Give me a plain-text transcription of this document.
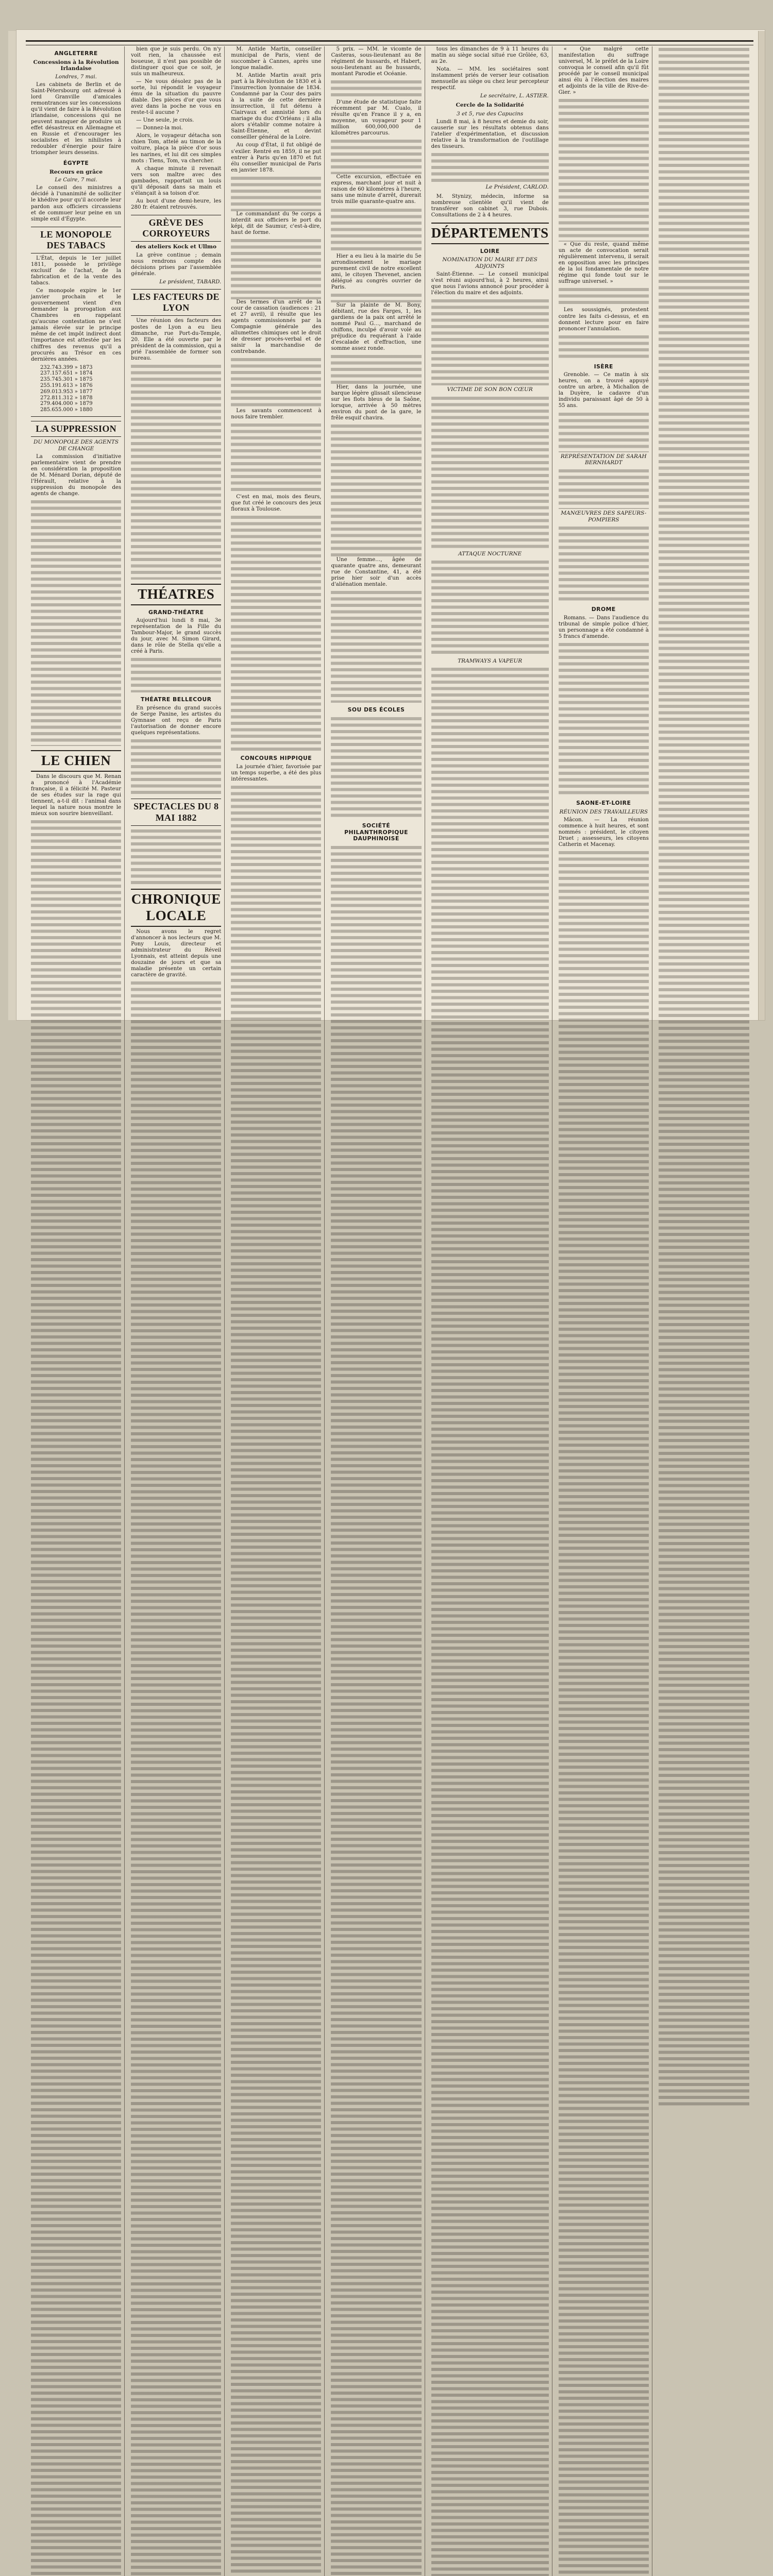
ANGLETERRE
Concessions à la Révolution Irlandaise
Londres, 7 mai.

Les cabinets de Berlin et de Saint-Pétersbourg ont adressé à lord Granville d'amicales remontrances sur les concessions qu'il vient de faire à la Révolution irlandaise, concessions qui ne peuvent manquer de produire un effet désastreux en Allemagne et en Russie et d'encourager les socialistes et les nihilistes à redoubler d'énergie pour faire triompher leurs desseins.

ÉGYPTE
Recours en grâce
Le Caire, 7 mai.

Le conseil des ministres a décidé à l'unanimité de solliciter le khédive pour qu'il accorde leur pardon aux officiers circassiens et de commuer leur peine en un simple exil d'Égypte.

LE MONOPOLE DES TABACS

L'État, depuis le 1er juillet 1811, possède le privilège exclusif de l'achat, de la fabrication et de la vente des tabacs.

Ce monopole expire le 1er janvier prochain et le gouvernement vient d'en demander la prorogation aux Chambres en rappelant qu'aucune contestation ne s'est jamais élevée sur le principe même de cet impôt indirect dont l'importance est attestée par les chiffres des revenus qu'il a procurés au Trésor en ces dernières années.

232.743.399 » 1873
237.157.651 » 1874
235.745.301 » 1875
255.191.613 » 1876
269.013.953 » 1877
272.811.312 » 1878
279.404.000 » 1879
285.655.000 » 1880
LA SUPPRESSION
DU MONOPOLE DES AGENTS DE CHANGE

La commission d'initiative parlementaire vient de prendre en considération la proposition de M. Ménard Dorian, député de l'Hérault, relative à la suppression du monopole des agents de change.

LE CHIEN

Dans le discours que M. Renan a prononcé à l'Académie française, il a félicité M. Pasteur de ses études sur la rage qui tiennent, a-t-il dit : l'animal dans lequel la nature nous montre le mieux son sourire bienveillant.

bien que je suis perdu. On n'y voit rien, la chaussée est boueuse, il n'est pas possible de distinguer quoi que ce soit, je suis un malheureux.

— Ne vous désolez pas de la sorte, lui répondit le voyageur ému de la situation du pauvre diable. Des pièces d'or que vous avez dans la poche ne vous en reste-t-il aucune ?

— Une seule, je crois.

— Donnez-la moi.

Alors, le voyageur détacha son chien Tom, attelé au timon de la voiture, plaça la pièce d'or sous les narines, et lui dit ces simples mots : Tiens, Tom, va chercher.

A chaque minute il revenait vers son maître avec des gambades, rapportait un louis qu'il déposait dans sa main et s'élançait à sa toison d'or.

Au bout d'une demi-heure, les 280 fr. étaient retrouvés.

GRÈVE DES CORROYEURS
des ateliers Kock et Ullmo

La grève continue ; demain nous rendrons compte des décisions prises par l'assemblée générale.

Le président, TABARD.
LES FACTEURS DE LYON

Une réunion des facteurs des postes de Lyon a eu lieu dimanche, rue Port-du-Temple, 20. Elle a été ouverte par le président de la commission, qui a prié l'assemblée de former son bureau.

THÉATRES
GRAND-THÉATRE

Aujourd'hui lundi 8 mai, 3e représentation de la Fille du Tambour-Major, le grand succès du jour, avec M. Simon Girard, dans le rôle de Stella qu'elle a créé à Paris.

THÉATRE BELLECOUR

En présence du grand succès de Serge Panine, les artistes du Gymnase ont reçu de Paris l'autorisation de donner encore quelques représentations.

SPECTACLES DU 8 MAI 1882
CHRONIQUE LOCALE

Nous avons le regret d'annoncer à nos lecteurs que M. Pony Louis, directeur et administrateur du Réveil Lyonnais, est atteint depuis une douzaine de jours et que sa maladie présente un certain caractère de gravité.

M. Antide Martin, conseiller municipal de Paris, vient de succomber à Cannes, après une longue maladie.

M. Antide Martin avait pris part à la Révolution de 1830 et à l'insurrection lyonnaise de 1834. Condamné par la Cour des pairs à la suite de cette dernière insurrection, il fut détenu à Clairvaux et amnistié lors du mariage du duc d'Orléans ; il alla alors s'établir comme notaire à Saint-Étienne, et devint conseiller général de la Loire.

Au coup d'État, il fut obligé de s'exiler. Rentré en 1859, il ne put entrer à Paris qu'en 1870 et fut élu conseiller municipal de Paris en janvier 1878.

Le commandant du 9e corps a interdit aux officiers le port du képi, dit de Saumur, c'est-à-dire, haut de forme.

Des termes d'un arrêt de la cour de cassation (audiences : 21 et 27 avril), il résulte que les agents commissionnés par la Compagnie générale des allumettes chimiques ont le droit de dresser procès-verbal et de saisir la marchandise de contrebande.

Les savants commencent à nous faire trembler.

C'est en mai, mois des fleurs, que fut créé le concours des jeux floraux à Toulouse.

CONCOURS HIPPIQUE

La journée d'hier, favorisée par un temps superbe, a été des plus intéressantes.

5 prix. — MM. le vicomte de Casteras, sous-lieutenant au 8e régiment de hussards, et Habert, sous-lieutenant au 8e hussards, montant Parodie et Océanie.

D'une étude de statistique faite récemment par M. Cualo, il résulte qu'en France il y a, en moyenne, un voyageur pour 1 million 600,000,000 de kilomètres parcourus.

Cette excursion, effectuée en express, marchant jour et nuit à raison de 60 kilomètres à l'heure, sans une minute d'arrêt, durerait trois mille quarante-quatre ans.

Hier a eu lieu à la mairie du 5e arrondissement le mariage purement civil de notre excellent ami, le citoyen Thevenet, ancien délégué au congrès ouvrier de Paris.

Sur la plainte de M. Bony, débitant, rue des Farges, 1, les gardiens de la paix ont arrêté le nommé Paul G…, marchand de chiffons, inculpé d'avoir volé au préjudice du requérant à l'aide d'escalade et d'effraction, une somme assez ronde.

Hier, dans la journée, une barque légère glissait silencieuse sur les flots bleus de la Saône, lorsque, arrivée à 50 mètres environ du pont de la gare, le frêle esquif chavira.

Une femme…, âgée de quarante quatre ans, demeurant rue de Constantine, 41, a été prise hier soir d'un accès d'aliénation mentale.

SOU DES ÉCOLES
SOCIÉTÉ PHILANTHROPIQUE DAUPHINOISE

tous les dimanches de 9 à 11 heures du matin au siège social situé rue Grôlée, 63, au 2e.

Nota. — MM. les sociétaires sont instamment priés de verser leur cotisation mensuelle au siège ou chez leur percepteur respectif.

Le secrétaire, L. ASTIER.
Cercle de la Solidarité
3 et 5, rue des Capucins

Lundi 8 mai, à 8 heures et demie du soir, causerie sur les résultats obtenus dans l'atelier d'expérimentation, et discussion relative à la transformation de l'outillage des tisseurs.

Le Président, CARLOD.

M. Stynizy, médecin, informe sa nombreuse clientèle qu'il vient de transférer son cabinet 3, rue Dubois. Consultations de 2 à 4 heures.

DÉPARTEMENTS
LOIRE
NOMINATION DU MAIRE ET DES ADJOINTS

Saint-Étienne. — Le conseil municipal s'est réuni aujourd'hui, à 2 heures, ainsi que nous l'avions annoncé pour procéder à l'élection du maire et des adjoints.

VICTIME DE SON BON CŒUR
ATTAQUE NOCTURNE
TRAMWAYS A VAPEUR

« Que malgré cette manifestation du suffrage universel, M. le préfet de la Loire convoqua le conseil afin qu'il fût procédé par le conseil municipal ainsi élu à l'élection des maires et adjoints de la ville de Rive-de-Gier. »

« Que du reste, quand même un acte de convocation serait régulièrement intervenu, il serait en opposition avec les principes de la loi fondamentale de notre régime qui fonde tout sur le suffrage universel. »

Les soussignés, protestent contre les faits ci-dessus, et en donnent lecture pour en faire prononcer l'annulation.

ISÈRE

Grenoble. — Ce matin à six heures, on a trouvé appuyé contre un arbre, à Michallon de la Duyère, le cadavre d'un individu paraissant âgé de 50 à 55 ans.

REPRÉSENTATION DE SARAH BERNHARDT
MANŒUVRES DES SAPEURS-POMPIERS
DROME

Romans. — Dans l'audience du tribunal de simple police d'hier, un personnage a été condamné à 5 francs d'amende.

SAONE-ET-LOIRE
RÉUNION DES TRAVAILLEURS

Mâcon. — La réunion commence à huit heures, et sont nommés : président, le citoyen Druet ; assesseurs, les citoyens Catherin et Macenay.
